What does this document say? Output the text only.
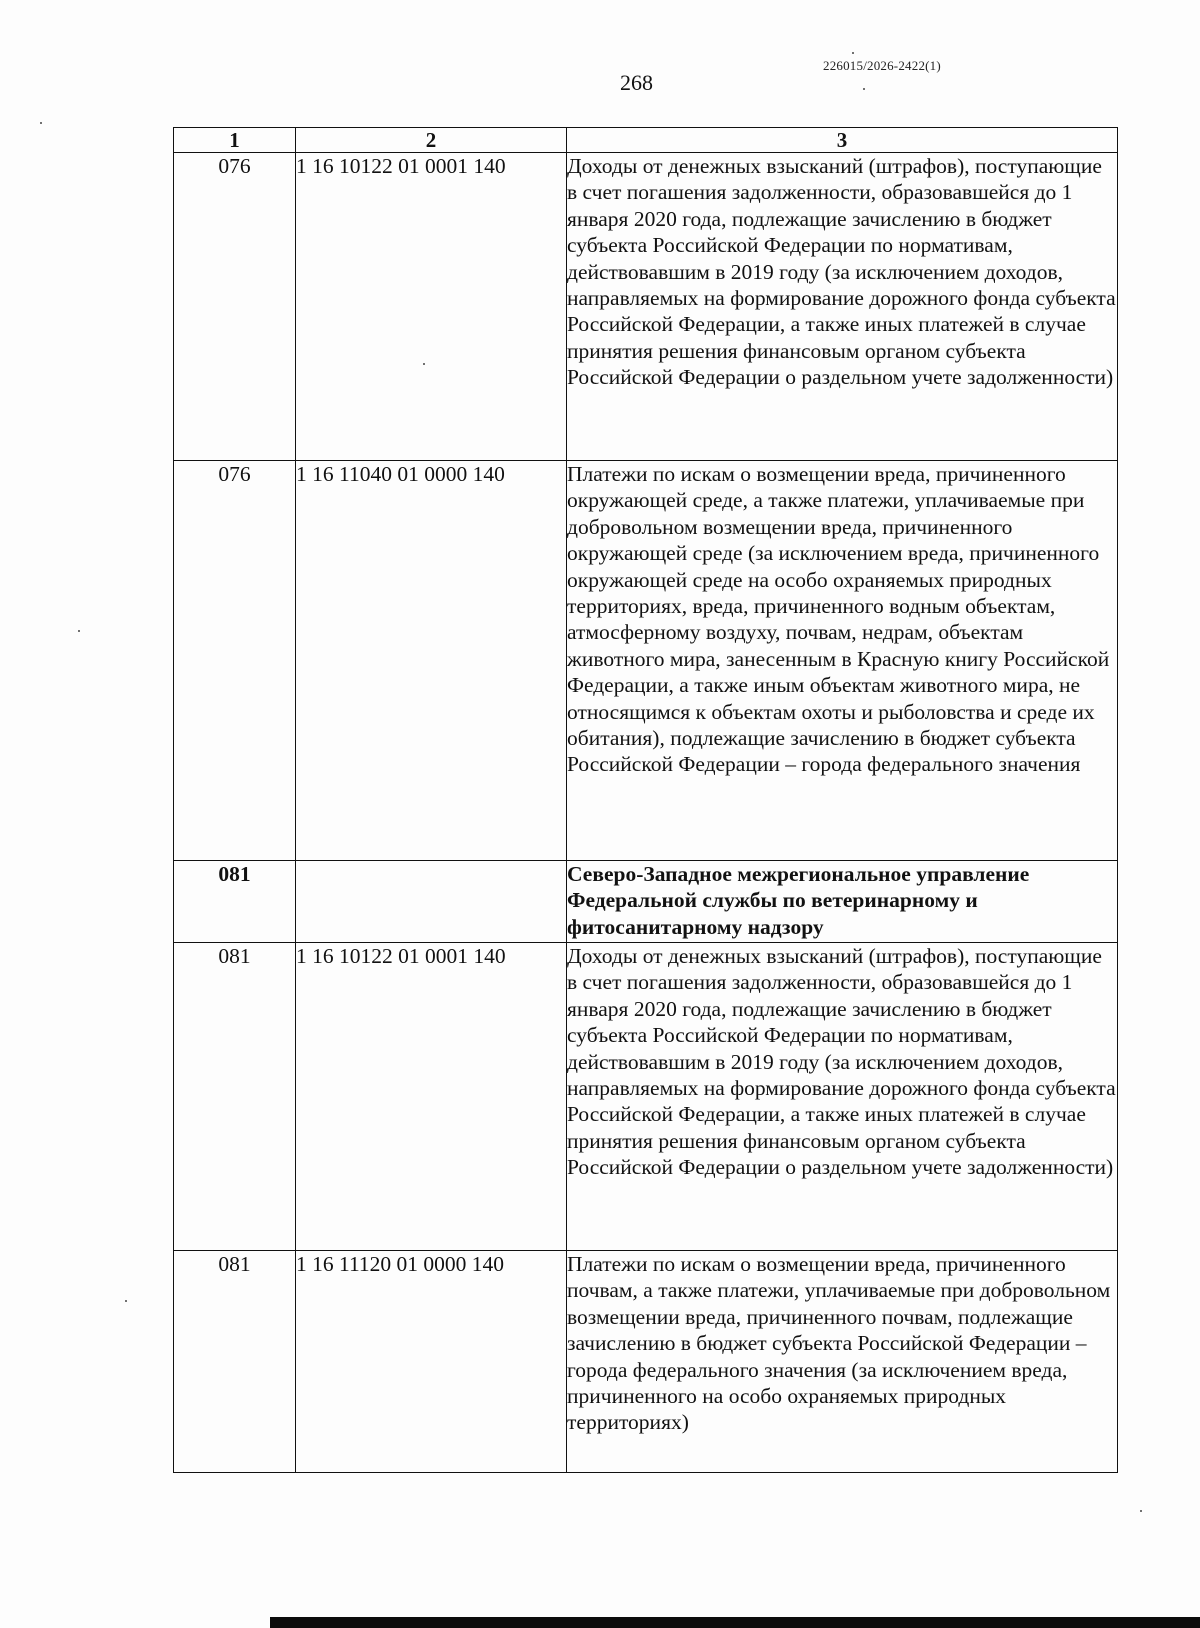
226015/2026-2422(1)
268
1	2	3
076	1 16 10122 01 0001 140	Доходы от денежных взысканий (штрафов), поступающие в счет погашения задолженности, образовавшейся до 1 января 2020 года, подлежащие зачислению в бюджет субъекта Российской Федерации по нормативам, действовавшим в 2019 году (за исключением доходов, направляемых на формирование дорожного фонда субъекта Российской Федерации, а также иных платежей в случае принятия решения финансовым органом субъекта Российской Федерации о раздельном учете задолженности)
076	1 16 11040 01 0000 140	Платежи по искам о возмещении вреда, причиненного окружающей среде, а также платежи, уплачиваемые при добровольном возмещении вреда, причиненного окружающей среде (за исключением вреда, причиненного окружающей среде на особо охраняемых природных территориях, вреда, причиненного водным объектам, атмосферному воздуху, почвам, недрам, объектам животного мира, занесенным в Красную книгу Российской Федерации, а также иным объектам животного мира, не относящимся к объектам охоты и рыболовства и среде их обитания), подлежащие зачислению в бюджет субъекта Российской Федерации – города федерального значения
081		Северо-Западное межрегиональное управление Федеральной службы по ветеринарному и фитосанитарному надзору
081	1 16 10122 01 0001 140	Доходы от денежных взысканий (штрафов), поступающие в счет погашения задолженности, образовавшейся до 1 января 2020 года, подлежащие зачислению в бюджет субъекта Российской Федерации по нормативам, действовавшим в 2019 году (за исключением доходов, направляемых на формирование дорожного фонда субъекта Российской Федерации, а также иных платежей в случае принятия решения финансовым органом субъекта Российской Федерации о раздельном учете задолженности)
081	1 16 11120 01 0000 140	Платежи по искам о возмещении вреда, причиненного почвам, а также платежи, уплачиваемые при добровольном возмещении вреда, причиненного почвам, подлежащие зачислению в бюджет субъекта Российской Федерации – города федерального значения (за исключением вреда, причиненного на особо охраняемых природных территориях)
